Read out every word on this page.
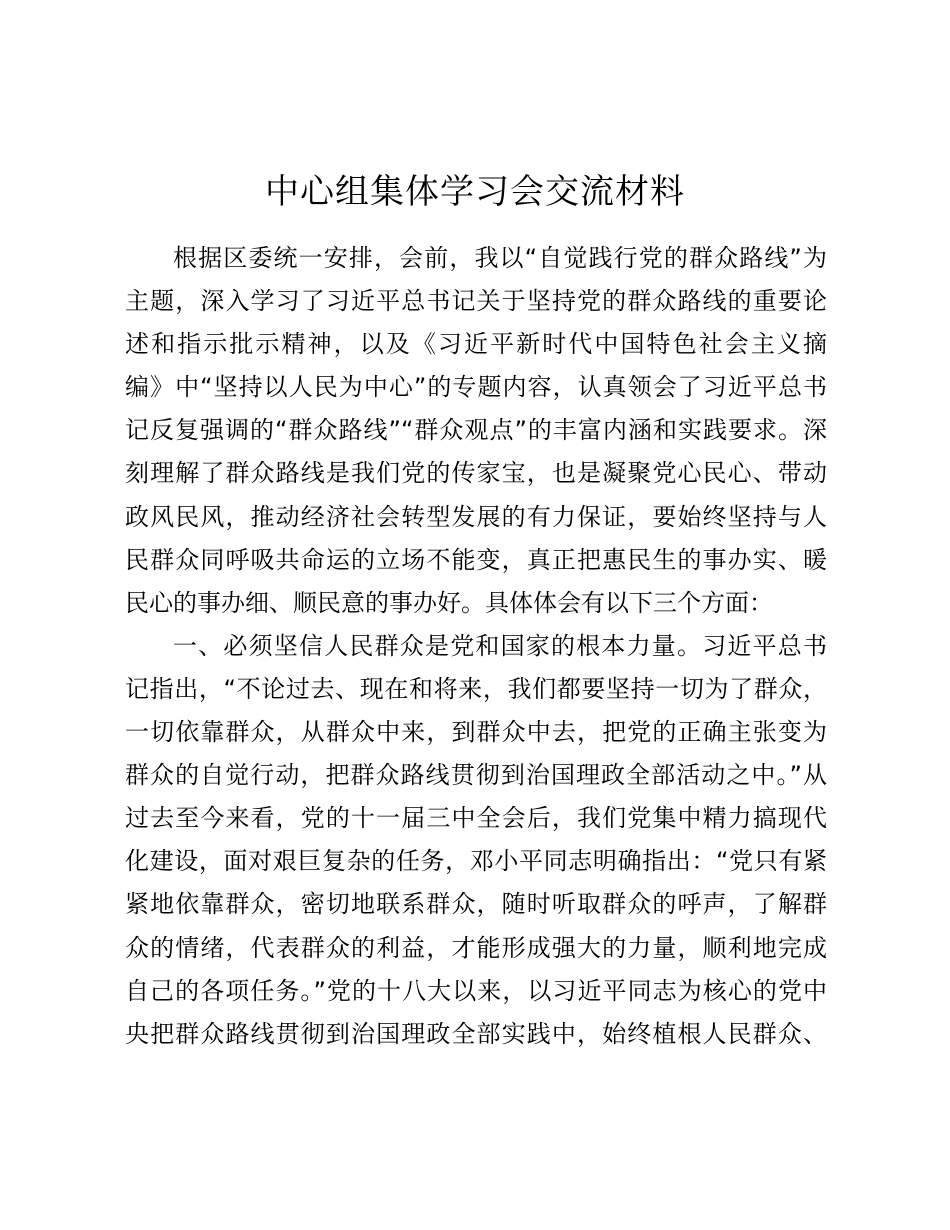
中心组集体学习会交流材料
根据区委统一安排，会前，我以“自觉践行党的群众路线”为
主题，深入学习了习近平总书记关于坚持党的群众路线的重要论
述和指示批示精神，以及《习近平新时代中国特色社会主义摘
编》中“坚持以人民为中心”的专题内容，认真领会了习近平总书
记反复强调的“群众路线”“群众观点”的丰富内涵和实践要求。深
刻理解了群众路线是我们党的传家宝，也是凝聚党心民心、带动
政风民风，推动经济社会转型发展的有力保证，要始终坚持与人
民群众同呼吸共命运的立场不能变，真正把惠民生的事办实、暖
民心的事办细、顺民意的事办好。具体体会有以下三个方面：
一、必须坚信人民群众是党和国家的根本力量。习近平总书
记指出，“不论过去、现在和将来，我们都要坚持一切为了群众，
一切依靠群众，从群众中来，到群众中去，把党的正确主张变为
群众的自觉行动，把群众路线贯彻到治国理政全部活动之中。”从
过去至今来看，党的十一届三中全会后，我们党集中精力搞现代
化建设，面对艰巨复杂的任务，邓小平同志明确指出：“党只有紧
紧地依靠群众，密切地联系群众，随时听取群众的呼声，了解群
众的情绪，代表群众的利益，才能形成强大的力量，顺利地完成
自己的各项任务。”党的十八大以来，以习近平同志为核心的党中
央把群众路线贯彻到治国理政全部实践中，始终植根人民群众、
